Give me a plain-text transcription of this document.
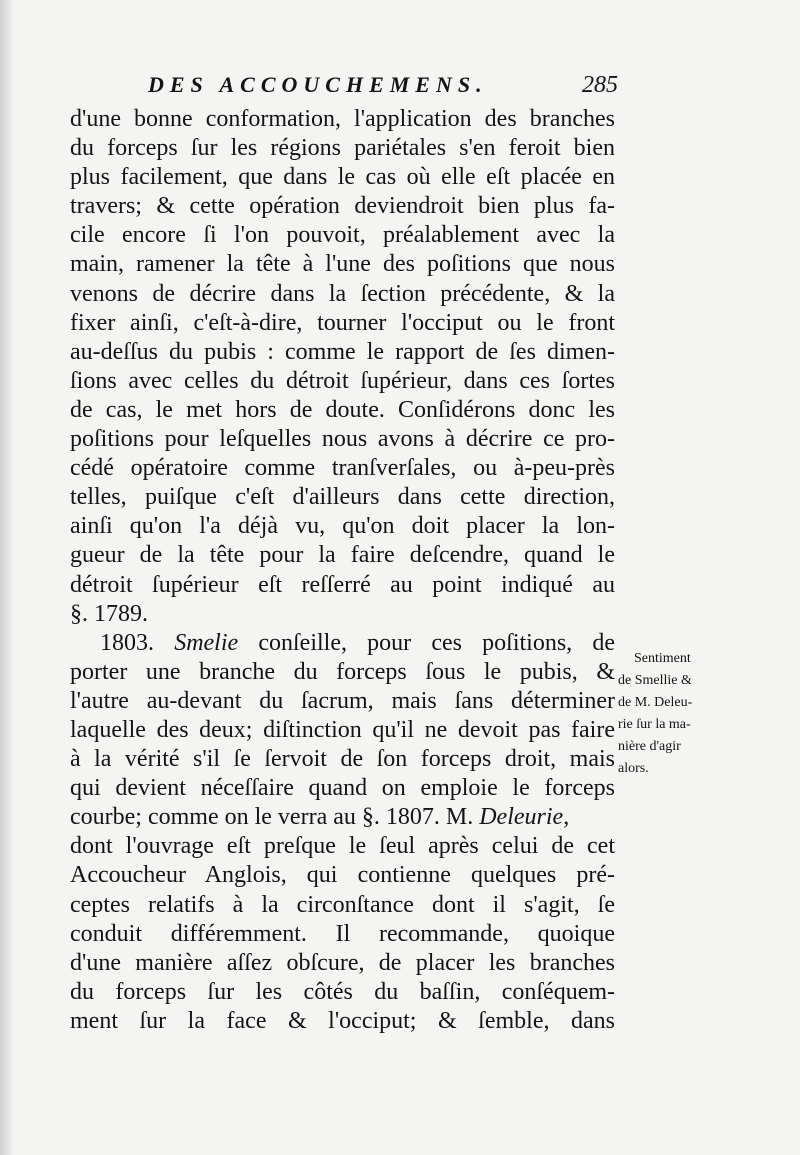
DES ACCOUCHEMENS.	285
d'une bonne conformation, l'application des branches
du forceps ſur les régions pariétales s'en feroit bien
plus facilement, que dans le cas où elle eſt placée en
travers; & cette opération deviendroit bien plus fa-
cile encore ſi l'on pouvoit, préalablement avec la
main, ramener la tête à l'une des poſitions que nous
venons de décrire dans la ſection précédente, & la
fixer ainſi, c'eſt-à-dire, tourner l'occiput ou le front
au-deſſus du pubis : comme le rapport de ſes dimen-
ſions avec celles du détroit ſupérieur, dans ces ſortes
de cas, le met hors de doute. Conſidérons donc les
poſitions pour leſquelles nous avons à décrire ce pro-
cédé opératoire comme tranſverſales, ou à-peu-près
telles, puiſque c'eſt d'ailleurs dans cette direction,
ainſi qu'on l'a déjà vu, qu'on doit placer la lon-
gueur de la tête pour la faire deſcendre, quand le
détroit ſupérieur eſt reſſerré au point indiqué au
§. 1789.
1803. Smelie conſeille, pour ces poſitions, de
porter une branche du forceps ſous le pubis, &
l'autre au-devant du ſacrum, mais ſans déterminer
laquelle des deux; diſtinction qu'il ne devoit pas faire
à la vérité s'il ſe ſervoit de ſon forceps droit, mais
qui devient néceſſaire quand on emploie le forceps
courbe; comme on le verra au §. 1807. M. Deleurie,
dont l'ouvrage eſt preſque le ſeul après celui de cet
Accoucheur Anglois, qui contienne quelques pré-
ceptes relatifs à la circonſtance dont il s'agit, ſe
conduit différemment. Il recommande, quoique
d'une manière aſſez obſcure, de placer les branches
du forceps ſur les côtés du baſſin, conſéquem-
ment ſur la face & l'occiput; & ſemble, dans
Sentiment
de Smellie &
de M. Deleu-
rie ſur la ma-
nière d'agir
alors.
